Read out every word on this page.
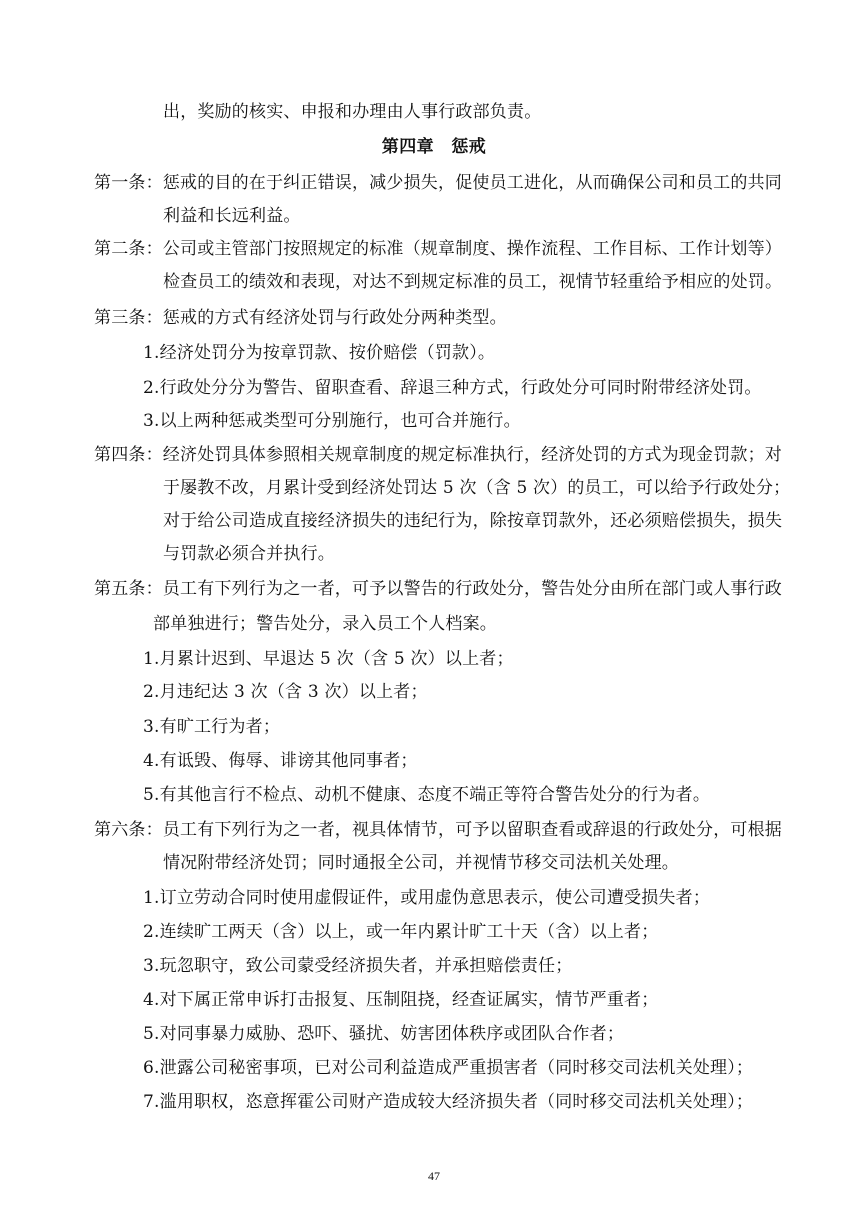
出，奖励的核实、申报和办理由人事行政部负责。
第四章　惩戒
第一条：惩戒的目的在于纠正错误，减少损失，促使员工进化，从而确保公司和员工的共同
利益和长远利益。
第二条：公司或主管部门按照规定的标准（规章制度、操作流程、工作目标、工作计划等）
检查员工的绩效和表现，对达不到规定标准的员工，视情节轻重给予相应的处罚。
第三条：惩戒的方式有经济处罚与行政处分两种类型。
1.经济处罚分为按章罚款、按价赔偿（罚款）。
2.行政处分分为警告、留职查看、辞退三种方式，行政处分可同时附带经济处罚。
3.以上两种惩戒类型可分别施行，也可合并施行。
第四条：经济处罚具体参照相关规章制度的规定标准执行，经济处罚的方式为现金罚款；对
于屡教不改，月累计受到经济处罚达 5 次（含 5 次）的员工，可以给予行政处分；
对于给公司造成直接经济损失的违纪行为，除按章罚款外，还必须赔偿损失，损失
与罚款必须合并执行。
第五条：员工有下列行为之一者，可予以警告的行政处分，警告处分由所在部门或人事行政
部单独进行；警告处分，录入员工个人档案。
1.月累计迟到、早退达 5 次（含 5 次）以上者；
2.月违纪达 3 次（含 3 次）以上者；
3.有旷工行为者；
4.有诋毁、侮辱、诽谤其他同事者；
5.有其他言行不检点、动机不健康、态度不端正等符合警告处分的行为者。
第六条：员工有下列行为之一者，视具体情节，可予以留职查看或辞退的行政处分，可根据
情况附带经济处罚；同时通报全公司，并视情节移交司法机关处理。
1.订立劳动合同时使用虚假证件，或用虚伪意思表示，使公司遭受损失者；
2.连续旷工两天（含）以上，或一年内累计旷工十天（含）以上者；
3.玩忽职守，致公司蒙受经济损失者，并承担赔偿责任；
4.对下属正常申诉打击报复、压制阻挠，经查证属实，情节严重者；
5.对同事暴力威胁、恐吓、骚扰、妨害团体秩序或团队合作者；
6.泄露公司秘密事项，已对公司利益造成严重损害者（同时移交司法机关处理）；
7.滥用职权，恣意挥霍公司财产造成较大经济损失者（同时移交司法机关处理）；
47
